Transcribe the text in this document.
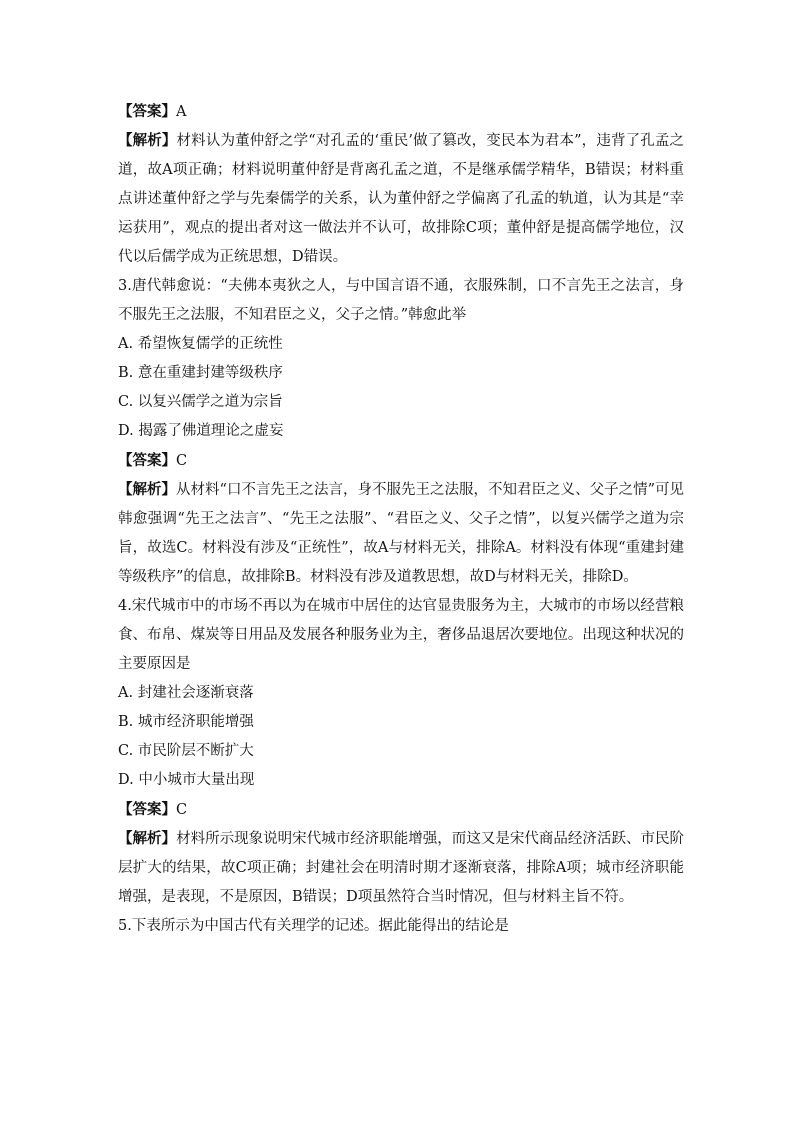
【答案】A
【解析】材料认为董仲舒之学“对孔孟的‘重民’做了篡改，变民本为君本”，违背了孔孟之道，故A项正确；材料说明董仲舒是背离孔孟之道，不是继承儒学精华，B错误；材料重点讲述董仲舒之学与先秦儒学的关系，认为董仲舒之学偏离了孔孟的轨道，认为其是“幸运获用”，观点的提出者对这一做法并不认可，故排除C项；董仲舒是提高儒学地位，汉代以后儒学成为正统思想，D错误。
3.唐代韩愈说：“夫佛本夷狄之人，与中国言语不通，衣服殊制，口不言先王之法言，身不服先王之法服，不知君臣之义，父子之情。”韩愈此举
A. 希望恢复儒学的正统性
B. 意在重建封建等级秩序
C. 以复兴儒学之道为宗旨
D. 揭露了佛道理论之虚妄
【答案】C
【解析】从材料“口不言先王之法言，身不服先王之法服，不知君臣之义、父子之情”可见韩愈强调“先王之法言”、“先王之法服”、“君臣之义、父子之情”，以复兴儒学之道为宗旨，故选C。材料没有涉及“正统性”，故A与材料无关，排除A。材料没有体现“重建封建等级秩序”的信息，故排除B。材料没有涉及道教思想，故D与材料无关，排除D。
4.宋代城市中的市场不再以为在城市中居住的达官显贵服务为主，大城市的市场以经营粮食、布帛、煤炭等日用品及发展各种服务业为主，奢侈品退居次要地位。出现这种状况的主要原因是
A. 封建社会逐渐衰落
B. 城市经济职能增强
C. 市民阶层不断扩大
D. 中小城市大量出现
【答案】C
【解析】材料所示现象说明宋代城市经济职能增强，而这又是宋代商品经济活跃、市民阶层扩大的结果，故C项正确；封建社会在明清时期才逐渐衰落，排除A项；城市经济职能增强，是表现，不是原因，B错误；D项虽然符合当时情况，但与材料主旨不符。
5.下表所示为中国古代有关理学的记述。据此能得出的结论是
